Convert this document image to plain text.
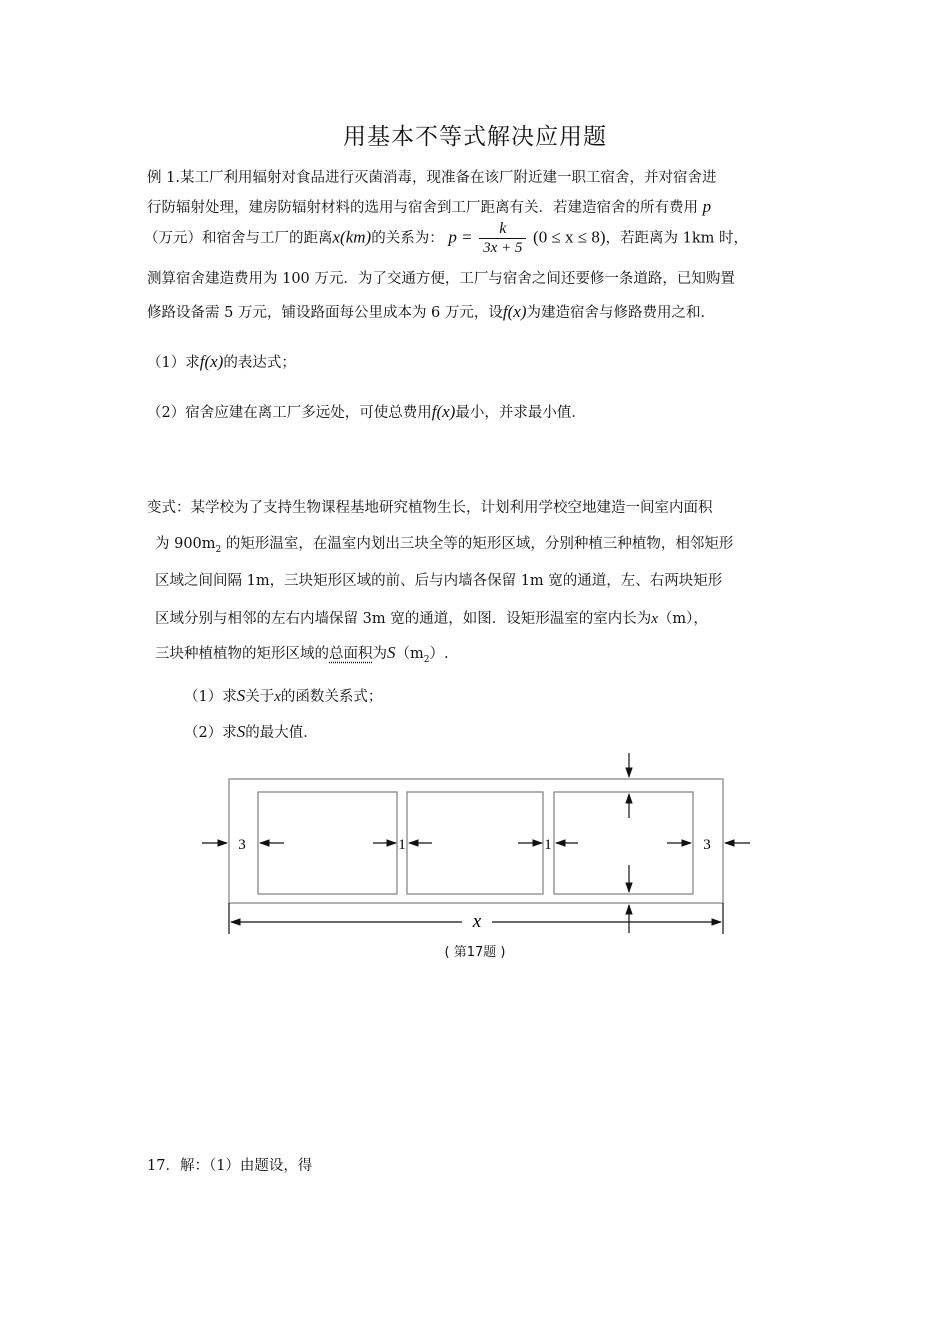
用基本不等式解决应用题
例 1.某工厂利用辐射对食品进行灭菌消毒，现准备在该厂附近建一职工宿舍，并对宿舍进
行防辐射处理，建房防辐射材料的选用与宿舍到工厂距离有关．若建造宿舍的所有费用 p
（万元）和宿舍与工厂的距离x(km)的关系为： $p = \frac{k}{3x + 5} (0 \le x \le 8)$，若距离为 1km 时，
测算宿舍建造费用为 100 万元．为了交通方便，工厂与宿舍之间还要修一条道路，已知购置
修路设备需 5 万元，铺设路面每公里成本为 6 万元，设f(x)为建造宿舍与修路费用之和．
（1）求f(x)的表达式；
（2）宿舍应建在离工厂多远处，可使总费用f(x)最小，并求最小值．
变式：某学校为了支持生物课程基地研究植物生长，计划利用学校空地建造一间室内面积
为 $900m_2$ 的矩形温室，在温室内划出三块全等的矩形区域，分别种植三种植物，相邻矩形
区域之间间隔 1m，三块矩形区域的前、后与内墙各保留 1m 宽的通道，左、右两块矩形
区域分别与相邻的左右内墙保留 3m 宽的通道，如图．设矩形温室的室内长为x（m），
三块种植植物的矩形区域的总面积为$S(m_2)$.
（1）求S关于x的函数关系式；
（2）求S的最大值．
3	1	1	3
x
( 第17题 )
17．解：（1）由题设，得
